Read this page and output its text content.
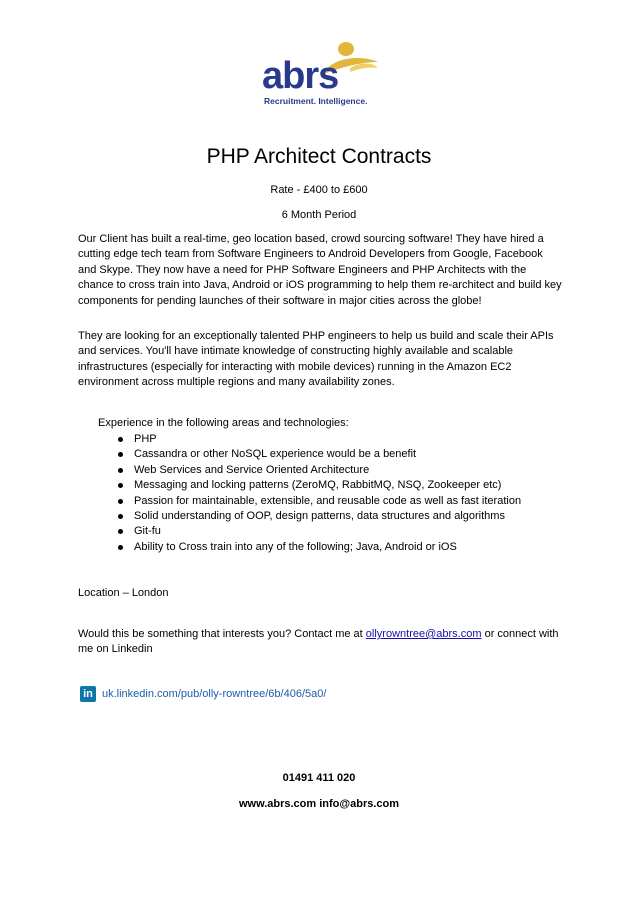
abrs
Recruitment. Intelligence.
PHP Architect Contracts
Rate - £400 to £600
6 Month Period

Our Client has built a real-time, geo location based, crowd sourcing software! They have hired a cutting edge tech team from Software Engineers to Android Developers from Google, Facebook and Skype. They now have a need for PHP Software Engineers and PHP Architects with the chance to cross train into Java, Android or iOS programming to help them re-architect and build key components for pending launches of their software in major cities across the globe!

They are looking for an exceptionally talented PHP engineers to help us build and scale their APIs and services. You'll have intimate knowledge of constructing highly available and scalable infrastructures (especially for interacting with mobile devices) running in the Amazon EC2 environment across multiple regions and many availability zones.

Experience in the following areas and technologies:
PHP
Cassandra or other NoSQL experience would be a benefit
Web Services and Service Oriented Architecture
Messaging and locking patterns (ZeroMQ, RabbitMQ, NSQ, Zookeeper etc)
Passion for maintainable, extensible, and reusable code as well as fast iteration
Solid understanding of OOP, design patterns, data structures and algorithms
Git-fu
Ability to Cross train into any of the following; Java, Android or iOS
Location – London
Would this be something that interests you? Contact me at ollyrowntree@abrs.com or connect with me on Linkedin
in uk.linkedin.com/pub/olly-rowntree/6b/406/5a0/
01491 411 020
www.abrs.com info@abrs.com
